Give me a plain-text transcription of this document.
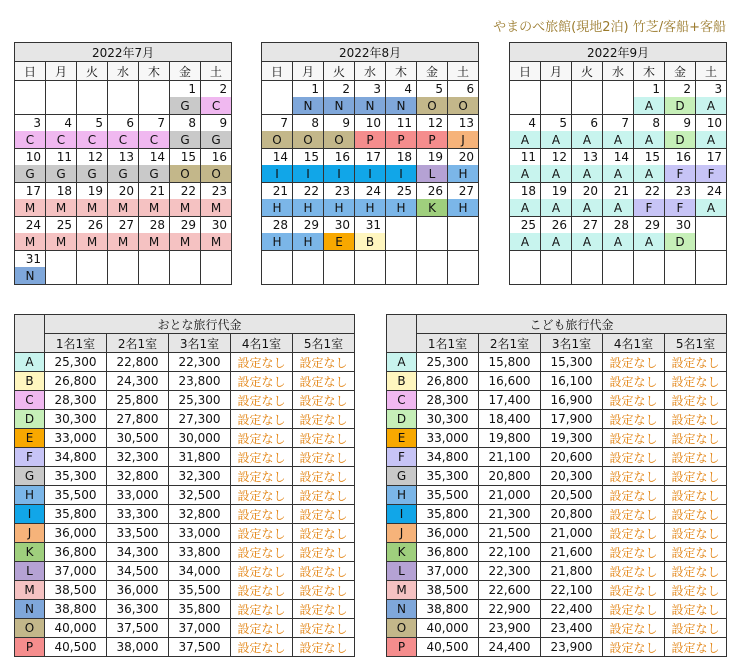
やまのべ旅館(現地2泊) 竹芝/客船+客船
2022年7月						
日	月	火	水	木	金	土
					1	2
					G	C
3	4	5	6	7	8	9
C	C	C	C	C	G	G
10	11	12	13	14	15	16
G	G	G	G	G	O	O
17	18	19	20	21	22	23
M	M	M	M	M	M	M
24	25	26	27	28	29	30
M	M	M	M	M	M	M
31						
N						
2022年8月						
日	月	火	水	木	金	土
	1	2	3	4	5	6
	N	N	N	N	O	O
7	8	9	10	11	12	13
O	O	O	P	P	P	J
14	15	16	17	18	19	20
I	I	I	I	I	L	H
21	22	23	24	25	26	27
H	H	H	H	H	K	H
28	29	30	31			
H	H	E	B			

2022年9月						
日	月	火	水	木	金	土
				1	2	3
				A	D	A
4	5	6	7	8	9	10
A	A	A	A	A	D	A
11	12	13	14	15	16	17
A	A	A	A	A	F	F
18	19	20	21	22	23	24
A	A	A	A	F	F	A
25	26	27	28	29	30	
A	A	A	A	A	D	

	おとな旅行代金				
	1名1室	2名1室	3名1室	4名1室	5名1室
A	25,300	22,800	22,300	設定なし	設定なし
B	26,800	24,300	23,800	設定なし	設定なし
C	28,300	25,800	25,300	設定なし	設定なし
D	30,300	27,800	27,300	設定なし	設定なし
E	33,000	30,500	30,000	設定なし	設定なし
F	34,800	32,300	31,800	設定なし	設定なし
G	35,300	32,800	32,300	設定なし	設定なし
H	35,500	33,000	32,500	設定なし	設定なし
I	35,800	33,300	32,800	設定なし	設定なし
J	36,000	33,500	33,000	設定なし	設定なし
K	36,800	34,300	33,800	設定なし	設定なし
L	37,000	34,500	34,000	設定なし	設定なし
M	38,500	36,000	35,500	設定なし	設定なし
N	38,800	36,300	35,800	設定なし	設定なし
O	40,000	37,500	37,000	設定なし	設定なし
P	40,500	38,000	37,500	設定なし	設定なし
	こども旅行代金				
	1名1室	2名1室	3名1室	4名1室	5名1室
A	25,300	15,800	15,300	設定なし	設定なし
B	26,800	16,600	16,100	設定なし	設定なし
C	28,300	17,400	16,900	設定なし	設定なし
D	30,300	18,400	17,900	設定なし	設定なし
E	33,000	19,800	19,300	設定なし	設定なし
F	34,800	21,100	20,600	設定なし	設定なし
G	35,300	20,800	20,300	設定なし	設定なし
H	35,500	21,000	20,500	設定なし	設定なし
I	35,800	21,300	20,800	設定なし	設定なし
J	36,000	21,500	21,000	設定なし	設定なし
K	36,800	22,100	21,600	設定なし	設定なし
L	37,000	22,300	21,800	設定なし	設定なし
M	38,500	22,600	22,100	設定なし	設定なし
N	38,800	22,900	22,400	設定なし	設定なし
O	40,000	23,900	23,400	設定なし	設定なし
P	40,500	24,400	23,900	設定なし	設定なし
